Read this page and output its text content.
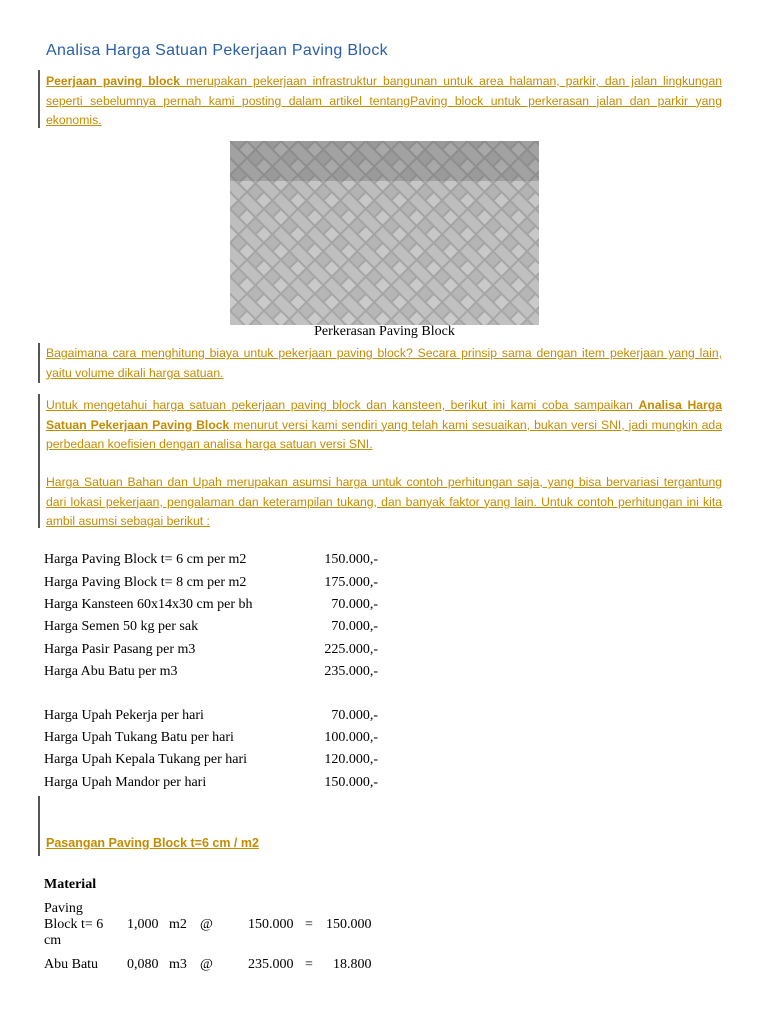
Analisa Harga Satuan Pekerjaan Paving Block

Peerjaan paving block merupakan pekerjaan infrastruktur bangunan untuk area halaman, parkir, dan jalan lingkungan seperti sebelumnya pernah kami posting dalam artikel tentangPaving block untuk perkerasan jalan dan parkir yang ekonomis.

Perkerasan Paving Block

Bagaimana cara menghitung biaya untuk pekerjaan paving block? Secara prinsip sama dengan item pekerjaan yang lain, yaitu volume dikali harga satuan.

Untuk mengetahui harga satuan pekerjaan paving block dan kansteen, berikut ini kami coba sampaikan Analisa Harga Satuan Pekerjaan Paving Block menurut versi kami sendiri yang telah kami sesuaikan, bukan versi SNI, jadi mungkin ada perbedaan koefisien dengan analisa harga satuan versi SNI.

Harga Satuan Bahan dan Upah merupakan asumsi harga untuk contoh perhitungan saja, yang bisa bervariasi tergantung dari lokasi pekerjaan, pengalaman dan keterampilan tukang, dan banyak faktor yang lain. Untuk contoh perhitungan ini kita ambil asumsi sebagai berikut :

Harga Paving Block t= 6 cm per m2	150.000,-
Harga Paving Block t= 8 cm per m2	175.000,-
Harga Kansteen 60x14x30 cm per bh	70.000,-
Harga Semen 50 kg per sak	70.000,-
Harga Pasir Pasang per m3	225.000,-
Harga Abu Batu per m3	235.000,-
Harga Upah Pekerja per hari	70.000,-
Harga Upah Tukang Batu per hari	100.000,-
Harga Upah Kepala Tukang per hari	120.000,-
Harga Upah Mandor per hari	150.000,-
Pasangan Paving Block t=6 cm / m2
Material
Paving
Block t= 6
cm
1,000 m2 @	150.000 = 150.000
Abu Batu 0,080 m3 @	235.000 = 18.800
